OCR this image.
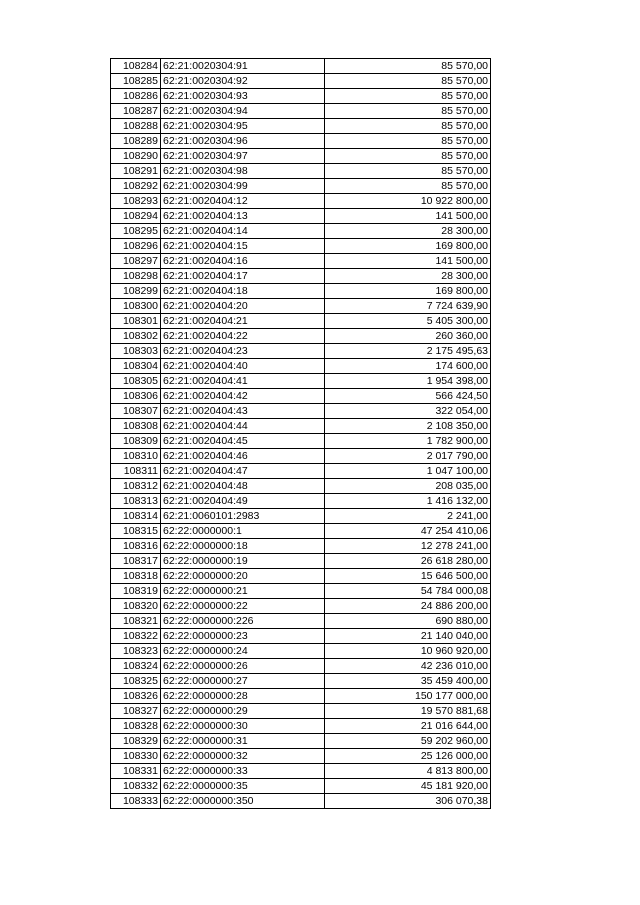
108284	62:21:0020304:91	85 570,00
108285	62:21:0020304:92	85 570,00
108286	62:21:0020304:93	85 570,00
108287	62:21:0020304:94	85 570,00
108288	62:21:0020304:95	85 570,00
108289	62:21:0020304:96	85 570,00
108290	62:21:0020304:97	85 570,00
108291	62:21:0020304:98	85 570,00
108292	62:21:0020304:99	85 570,00
108293	62:21:0020404:12	10 922 800,00
108294	62:21:0020404:13	141 500,00
108295	62:21:0020404:14	28 300,00
108296	62:21:0020404:15	169 800,00
108297	62:21:0020404:16	141 500,00
108298	62:21:0020404:17	28 300,00
108299	62:21:0020404:18	169 800,00
108300	62:21:0020404:20	7 724 639,90
108301	62:21:0020404:21	5 405 300,00
108302	62:21:0020404:22	260 360,00
108303	62:21:0020404:23	2 175 495,63
108304	62:21:0020404:40	174 600,00
108305	62:21:0020404:41	1 954 398,00
108306	62:21:0020404:42	566 424,50
108307	62:21:0020404:43	322 054,00
108308	62:21:0020404:44	2 108 350,00
108309	62:21:0020404:45	1 782 900,00
108310	62:21:0020404:46	2 017 790,00
108311	62:21:0020404:47	1 047 100,00
108312	62:21:0020404:48	208 035,00
108313	62:21:0020404:49	1 416 132,00
108314	62:21:0060101:2983	2 241,00
108315	62:22:0000000:1	47 254 410,06
108316	62:22:0000000:18	12 278 241,00
108317	62:22:0000000:19	26 618 280,00
108318	62:22:0000000:20	15 646 500,00
108319	62:22:0000000:21	54 784 000,08
108320	62:22:0000000:22	24 886 200,00
108321	62:22:0000000:226	690 880,00
108322	62:22:0000000:23	21 140 040,00
108323	62:22:0000000:24	10 960 920,00
108324	62:22:0000000:26	42 236 010,00
108325	62:22:0000000:27	35 459 400,00
108326	62:22:0000000:28	150 177 000,00
108327	62:22:0000000:29	19 570 881,68
108328	62:22:0000000:30	21 016 644,00
108329	62:22:0000000:31	59 202 960,00
108330	62:22:0000000:32	25 126 000,00
108331	62:22:0000000:33	4 813 800,00
108332	62:22:0000000:35	45 181 920,00
108333	62:22:0000000:350	306 070,38
